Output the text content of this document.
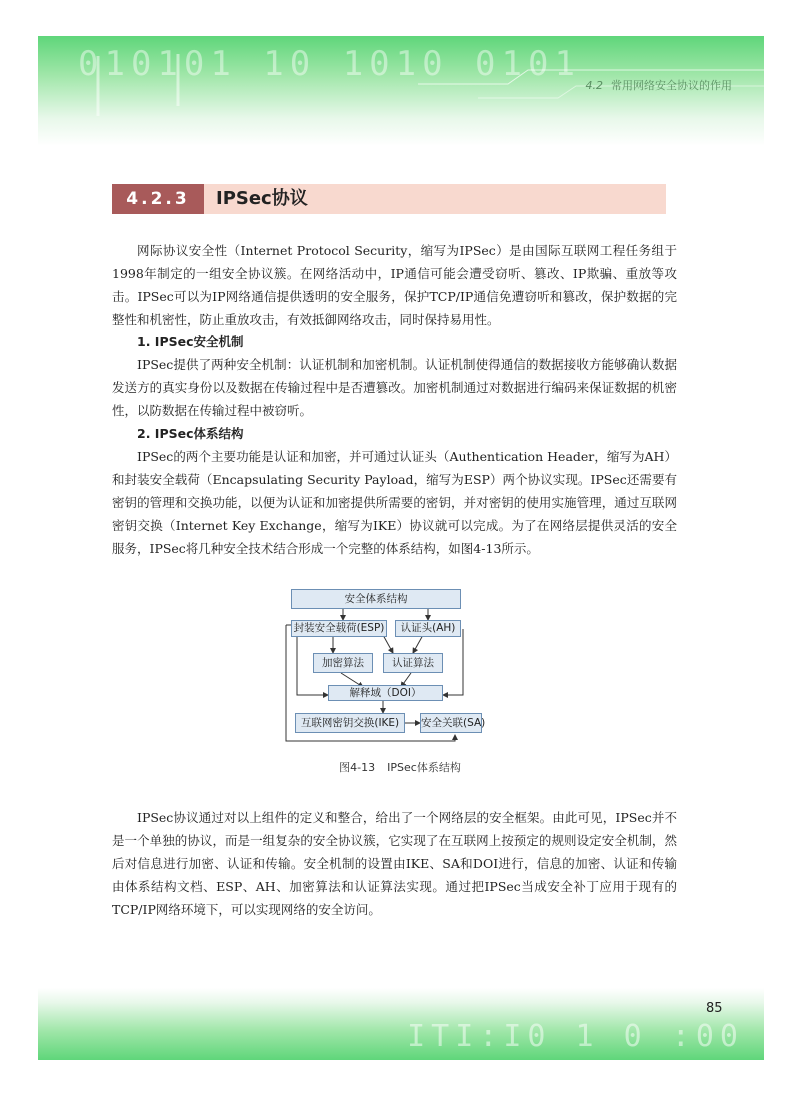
010101 10 1010 0101
4.2 常用网络安全协议的作用
4.2.3	IPSec协议

网际协议安全性（Internet Protocol Security，缩写为IPSec）是由国际互联网工程任务组于1998年制定的一组安全协议簇。在网络活动中，IP通信可能会遭受窃听、篡改、IP欺骗、重放等攻击。IPSec可以为IP网络通信提供透明的安全服务，保护TCP/IP通信免遭窃听和篡改，保护数据的完整性和机密性，防止重放攻击，有效抵御网络攻击，同时保持易用性。

1. IPSec安全机制

IPSec提供了两种安全机制：认证机制和加密机制。认证机制使得通信的数据接收方能够确认数据发送方的真实身份以及数据在传输过程中是否遭篡改。加密机制通过对数据进行编码来保证数据的机密性，以防数据在传输过程中被窃听。

2. IPSec体系结构

IPSec的两个主要功能是认证和加密，并可通过认证头（Authentication Header，缩写为AH）和封装安全载荷（Encapsulating Security Payload，缩写为ESP）两个协议实现。IPSec还需要有密钥的管理和交换功能，以便为认证和加密提供所需要的密钥，并对密钥的使用实施管理，通过互联网密钥交换（Internet Key Exchange，缩写为IKE）协议就可以完成。为了在网络层提供灵活的安全服务，IPSec将几种安全技术结合形成一个完整的体系结构，如图4-13所示。

安全体系结构
封装安全载荷(ESP)	认证头(AH)
加密算法	认证算法
解释域（DOI）
互联网密钥交换(IKE)	安全关联(SA)
图4-13 IPSec体系结构

IPSec协议通过对以上组件的定义和整合，给出了一个网络层的安全框架。由此可见，IPSec并不是一个单独的协议，而是一组复杂的安全协议簇，它实现了在互联网上按预定的规则设定安全机制，然后对信息进行加密、认证和传输。安全机制的设置由IKE、SA和DOI进行，信息的加密、认证和传输由体系结构文档、ESP、AH、加密算法和认证算法实现。通过把IPSec当成安全补丁应用于现有的TCP/IP网络环境下，可以实现网络的安全访问。

ITI:I0 1 0 :00
85
